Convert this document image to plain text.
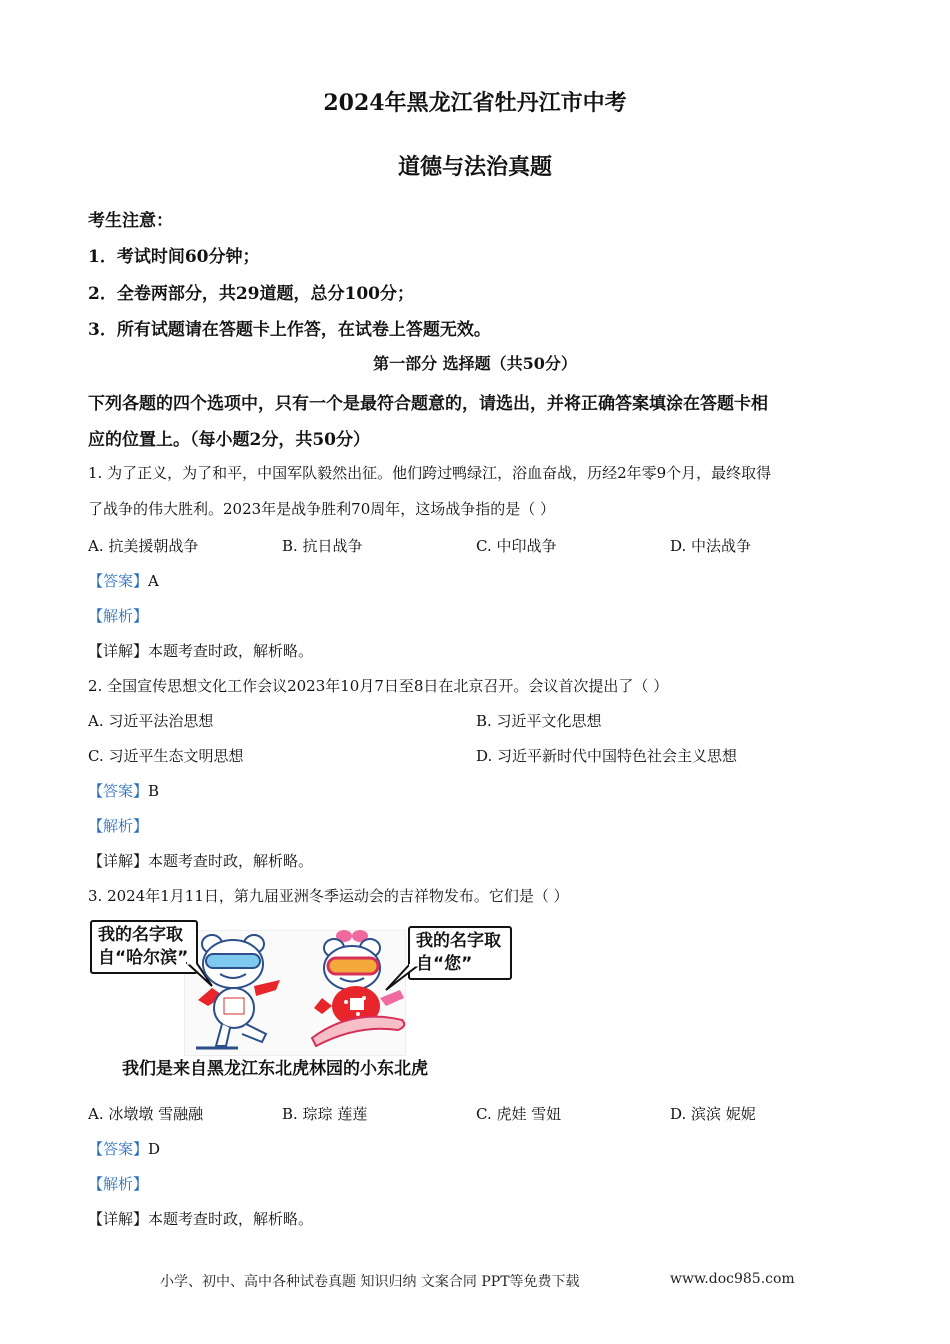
2024年黑龙江省牡丹江市中考
道德与法治真题
考生注意：
1．考试时间60分钟；
2．全卷两部分，共29道题，总分100分；
3．所有试题请在答题卡上作答，在试卷上答题无效。
第一部分 选择题（共50分）
下列各题的四个选项中，只有一个是最符合题意的，请选出，并将正确答案填涂在答题卡相
应的位置上。（每小题2分，共50分）
1. 为了正义，为了和平，中国军队毅然出征。他们跨过鸭绿江，浴血奋战，历经2年零9个月，最终取得
了战争的伟大胜利。2023年是战争胜利70周年，这场战争指的是（ ）
A. 抗美援朝战争	B. 抗日战争	C. 中印战争	D. 中法战争
【答案】A
【解析】
【详解】本题考查时政，解析略。
2. 全国宣传思想文化工作会议2023年10月7日至8日在北京召开。会议首次提出了（ ）
A. 习近平法治思想	B. 习近平文化思想
C. 习近平生态文明思想	D. 习近平新时代中国特色社会主义思想
【答案】B
【解析】
【详解】本题考查时政，解析略。
3. 2024年1月11日，第九届亚洲冬季运动会的吉祥物发布。它们是（ ）
我的名字取
自“哈尔滨”
我的名字取
自“您”
我们是来自黑龙江东北虎林园的小东北虎
A. 冰墩墩 雪融融	B. 琮琮 莲莲	C. 虎娃 雪妞	D. 滨滨 妮妮
【答案】D
【解析】
【详解】本题考查时政，解析略。
小学、初中、高中各种试卷真题 知识归纳 文案合同 PPT等免费下载	www.doc985.com
